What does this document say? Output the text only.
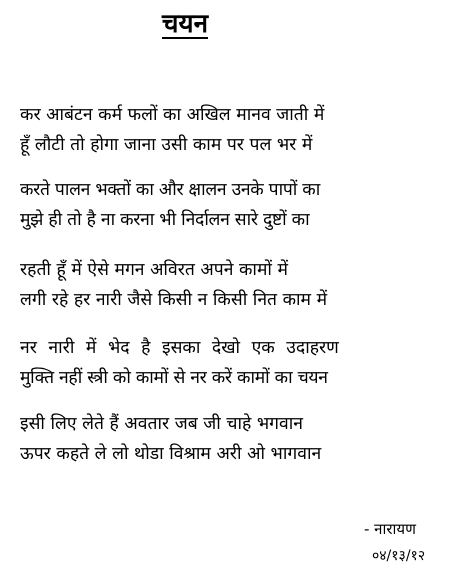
चयन
कर आबंटन कर्म फलों का अखिल मानव जाती में
हूँ लौटी तो होगा जाना उसी काम पर पल भर में
करते पालन भक्तों का और क्षालन उनके पापों का
मुझे ही तो है ना करना भी निर्दालन सारे दुष्टों का
रहती हूँ में ऐसे मगन अविरत अपने कामों में
लगी रहे हर नारी जैसे किसी न किसी नित काम में
नर नारी में भेद है इसका देखो एक उदाहरण
मुक्ति नहीं स्त्री को कामों से नर करें कामों का चयन
इसी लिए लेते हैं अवतार जब जी चाहे भगवान
ऊपर कहते ले लो थोडा विश्राम अरी ओ भागवान
- नारायण
०४/१३/१२
